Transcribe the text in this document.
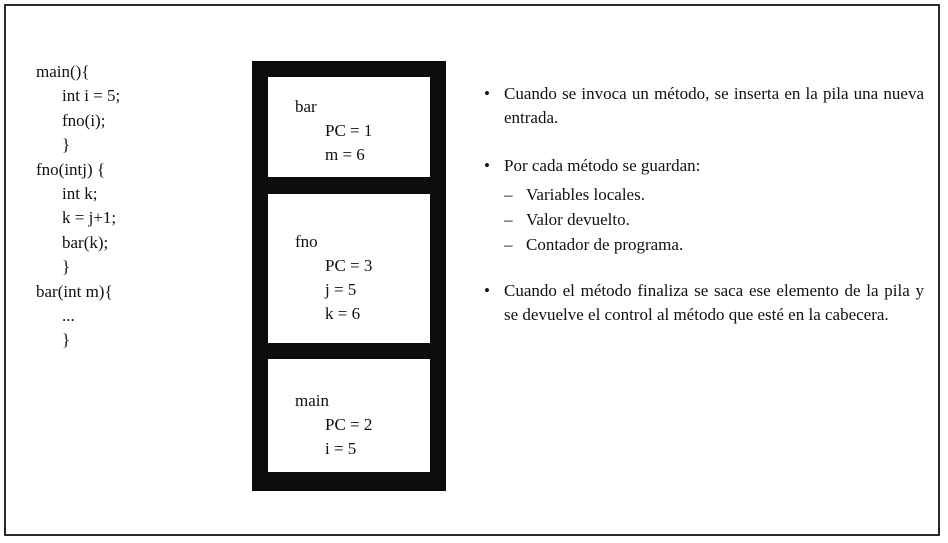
main(){
int i = 5;
fno(i);
}
fno(intj) {
int k;
k = j+1;
bar(k);
}
bar(int m){
...
}
bar
PC = 1
m = 6
fno
PC = 3
j = 5
k = 6
main
PC = 2
i = 5
• Cuando se invoca un método, se inserta en la pila una nueva entrada.
• Por cada método se guardan:
– Variables locales.
– Valor devuelto.
– Contador de programa.
• Cuando el método finaliza se saca ese elemento de la pila y se devuelve el control al método que esté en la cabecera.
